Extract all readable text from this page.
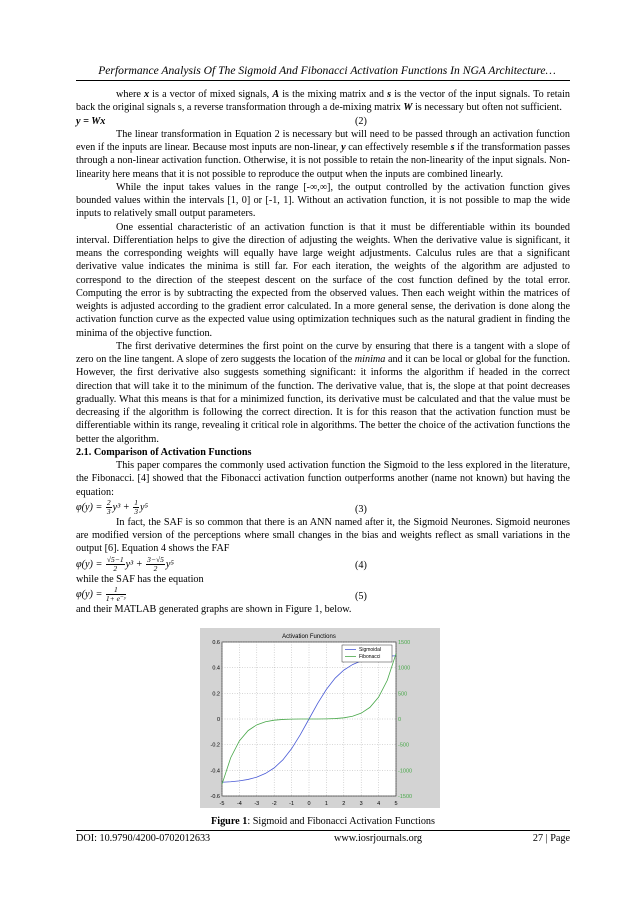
Performance Analysis Of The Sigmoid And Fibonacci Activation Functions In NGA Architecture…

where x is a vector of mixed signals, A is the mixing matrix and s is the vector of the input signals. To retain back the original signals s, a reverse transformation through a de-mixing matrix W is necessary but often not sufficient.

y = Wx	(2)

The linear transformation in Equation 2 is necessary but will need to be passed through an activation function even if the inputs are linear. Because most inputs are non-linear, y can effectively resemble s if the transformation passes through a non-linear activation function. Otherwise, it is not possible to retain the non-linearity of the input signals. Non-linearity here means that it is not possible to reproduce the output when the inputs are combined linearly.

While the input takes values in the range [-∞,∞], the output controlled by the activation function gives bounded values within the intervals [1, 0] or [-1, 1]. Without an activation function, it is not possible to map the wide inputs to relatively small output parameters.

One essential characteristic of an activation function is that it must be differentiable within its bounded interval. Differentiation helps to give the direction of adjusting the weights. When the derivative value is significant, it means the corresponding weights will equally have large weight adjustments. Calculus rules are that a significant derivative value indicates the minima is still far. For each iteration, the weights of the algorithm are adjusted to correspond to the direction of the steepest descent on the surface of the cost function defined by the total error. Computing the error is by subtracting the expected from the observed values. Then each weight within the matrices of weights is adjusted according to the gradient error calculated. In a more general sense, the derivation is done along the activation function curve as the expected value using optimization techniques such as the natural gradient in finding the minima of the objective function.

The first derivative determines the first point on the curve by ensuring that there is a tangent with a slope of zero on the line tangent. A slope of zero suggests the location of the minima and it can be local or global for the function. However, the first derivative also suggests something significant: it informs the algorithm if headed in the correct direction that will take it to the minimum of the function. The derivative value, that is, the slope at that point decreases gradually. What this means is that for a minimized function, its derivative must be calculated and that the value must be decreasing if the algorithm is following the correct direction. It is for this reason that the activation function must be differentiable within its range, revealing it critical role in algorithms. The better the choice of the activation functions the better the algorithm.

2.1. Comparison of Activation Functions

This paper compares the commonly used activation function the Sigmoid to the less explored in the literature, the Fibonacci. [4] showed that the Fibonacci activation function outperforms another (name not known) but having the equation:

$\varphi(y) = \frac{2}{3} y^3 + \frac{1}{3} y^5$	(3)

In fact, the SAF is so common that there is an ANN named after it, the Sigmoid Neurones. Sigmoid neurones are modified version of the perceptions where small changes in the bias and weights reflect as small variations in the output [6]. Equation 4 shows the FAF

$\varphi(y) = \frac{√5-1}{2} y^3 + \frac{3-√5}{2} y^5$	(4)

while the SAF has the equation

$\varphi(y) = \frac{1}{\text{1+ e⁻ʸ}}$	(5)

and their MATLAB generated graphs are shown in Figure 1, below.

-5 -4 -3 -2 -1 0	1	2	3	4	5
0.6
0.4
0.2
0
-0.2
-0.4
-0.6
1500
1000
500
0
-500
-1000
-1500
Activation Functions
Sigmoidal
Fibonacci
Figure 1: Sigmoid and Fibonacci Activation Functions
DOI: 10.9790/4200-0702012633	www.iosrjournals.org	27 | Page
